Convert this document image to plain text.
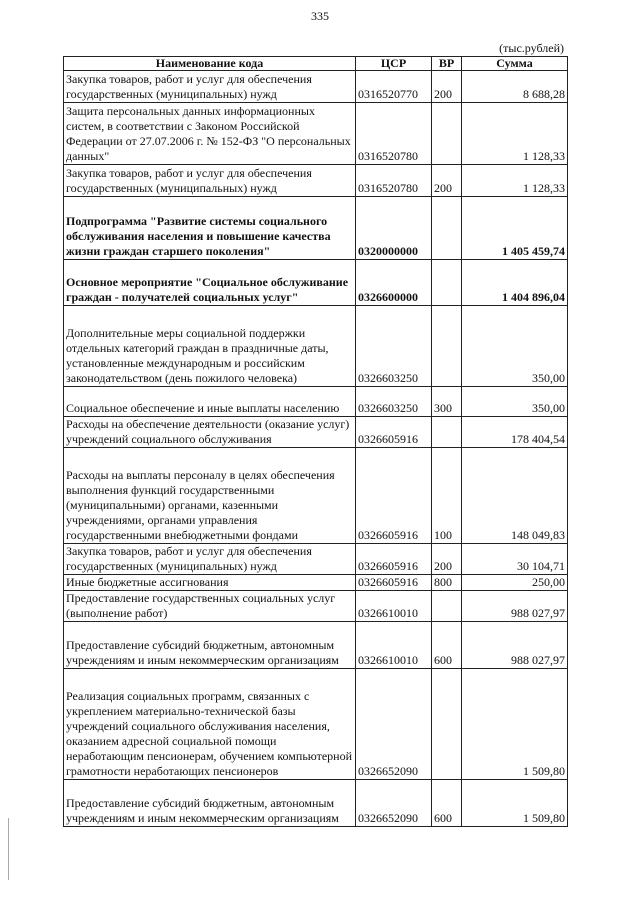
335
(тыс.рублей)
Наименование кода	ЦСР	ВР	Сумма
Закупка товаров, работ и услуг для обеспечения государственных (муниципальных) нужд	0316520770	200	8 688,28
Защита персональных данных информационных систем, в соответствии с Законом Российской Федерации от 27.07.2006 г. № 152-ФЗ "О персональных данных"	0316520780		1 128,33
Закупка товаров, работ и услуг для обеспечения государственных (муниципальных) нужд	0316520780	200	1 128,33
Подпрограмма "Развитие системы социального обслуживания населения и повышение качества жизни граждан старшего поколения"	0320000000		1 405 459,74
Основное мероприятие "Социальное обслуживание граждан - получателей социальных услуг"	0326600000		1 404 896,04
Дополнительные меры социальной поддержки отдельных категорий граждан в праздничные даты, установленные международным и российским законодательством (день пожилого человека)	0326603250		350,00
Социальное обеспечение и иные выплаты населению	0326603250	300	350,00
Расходы на обеспечение деятельности (оказание услуг) учреждений социального обслуживания	0326605916		178 404,54
Расходы на выплаты персоналу в целях обеспечения выполнения функций государственными (муниципальными) органами, казенными учреждениями, органами управления государственными внебюджетными фондами	0326605916	100	148 049,83
Закупка товаров, работ и услуг для обеспечения государственных (муниципальных) нужд	0326605916	200	30 104,71
Иные бюджетные ассигнования	0326605916	800	250,00
Предоставление государственных социальных услуг (выполнение работ)	0326610010		988 027,97
Предоставление субсидий бюджетным, автономным учреждениям и иным некоммерческим организациям	0326610010	600	988 027,97
Реализация социальных программ, связанных с укреплением материально-технической базы учреждений социального обслуживания населения, оказанием адресной социальной помощи неработающим пенсионерам, обучением компьютерной грамотности неработающих пенсионеров	0326652090		1 509,80
Предоставление субсидий бюджетным, автономным учреждениям и иным некоммерческим организациям	0326652090	600	1 509,80
